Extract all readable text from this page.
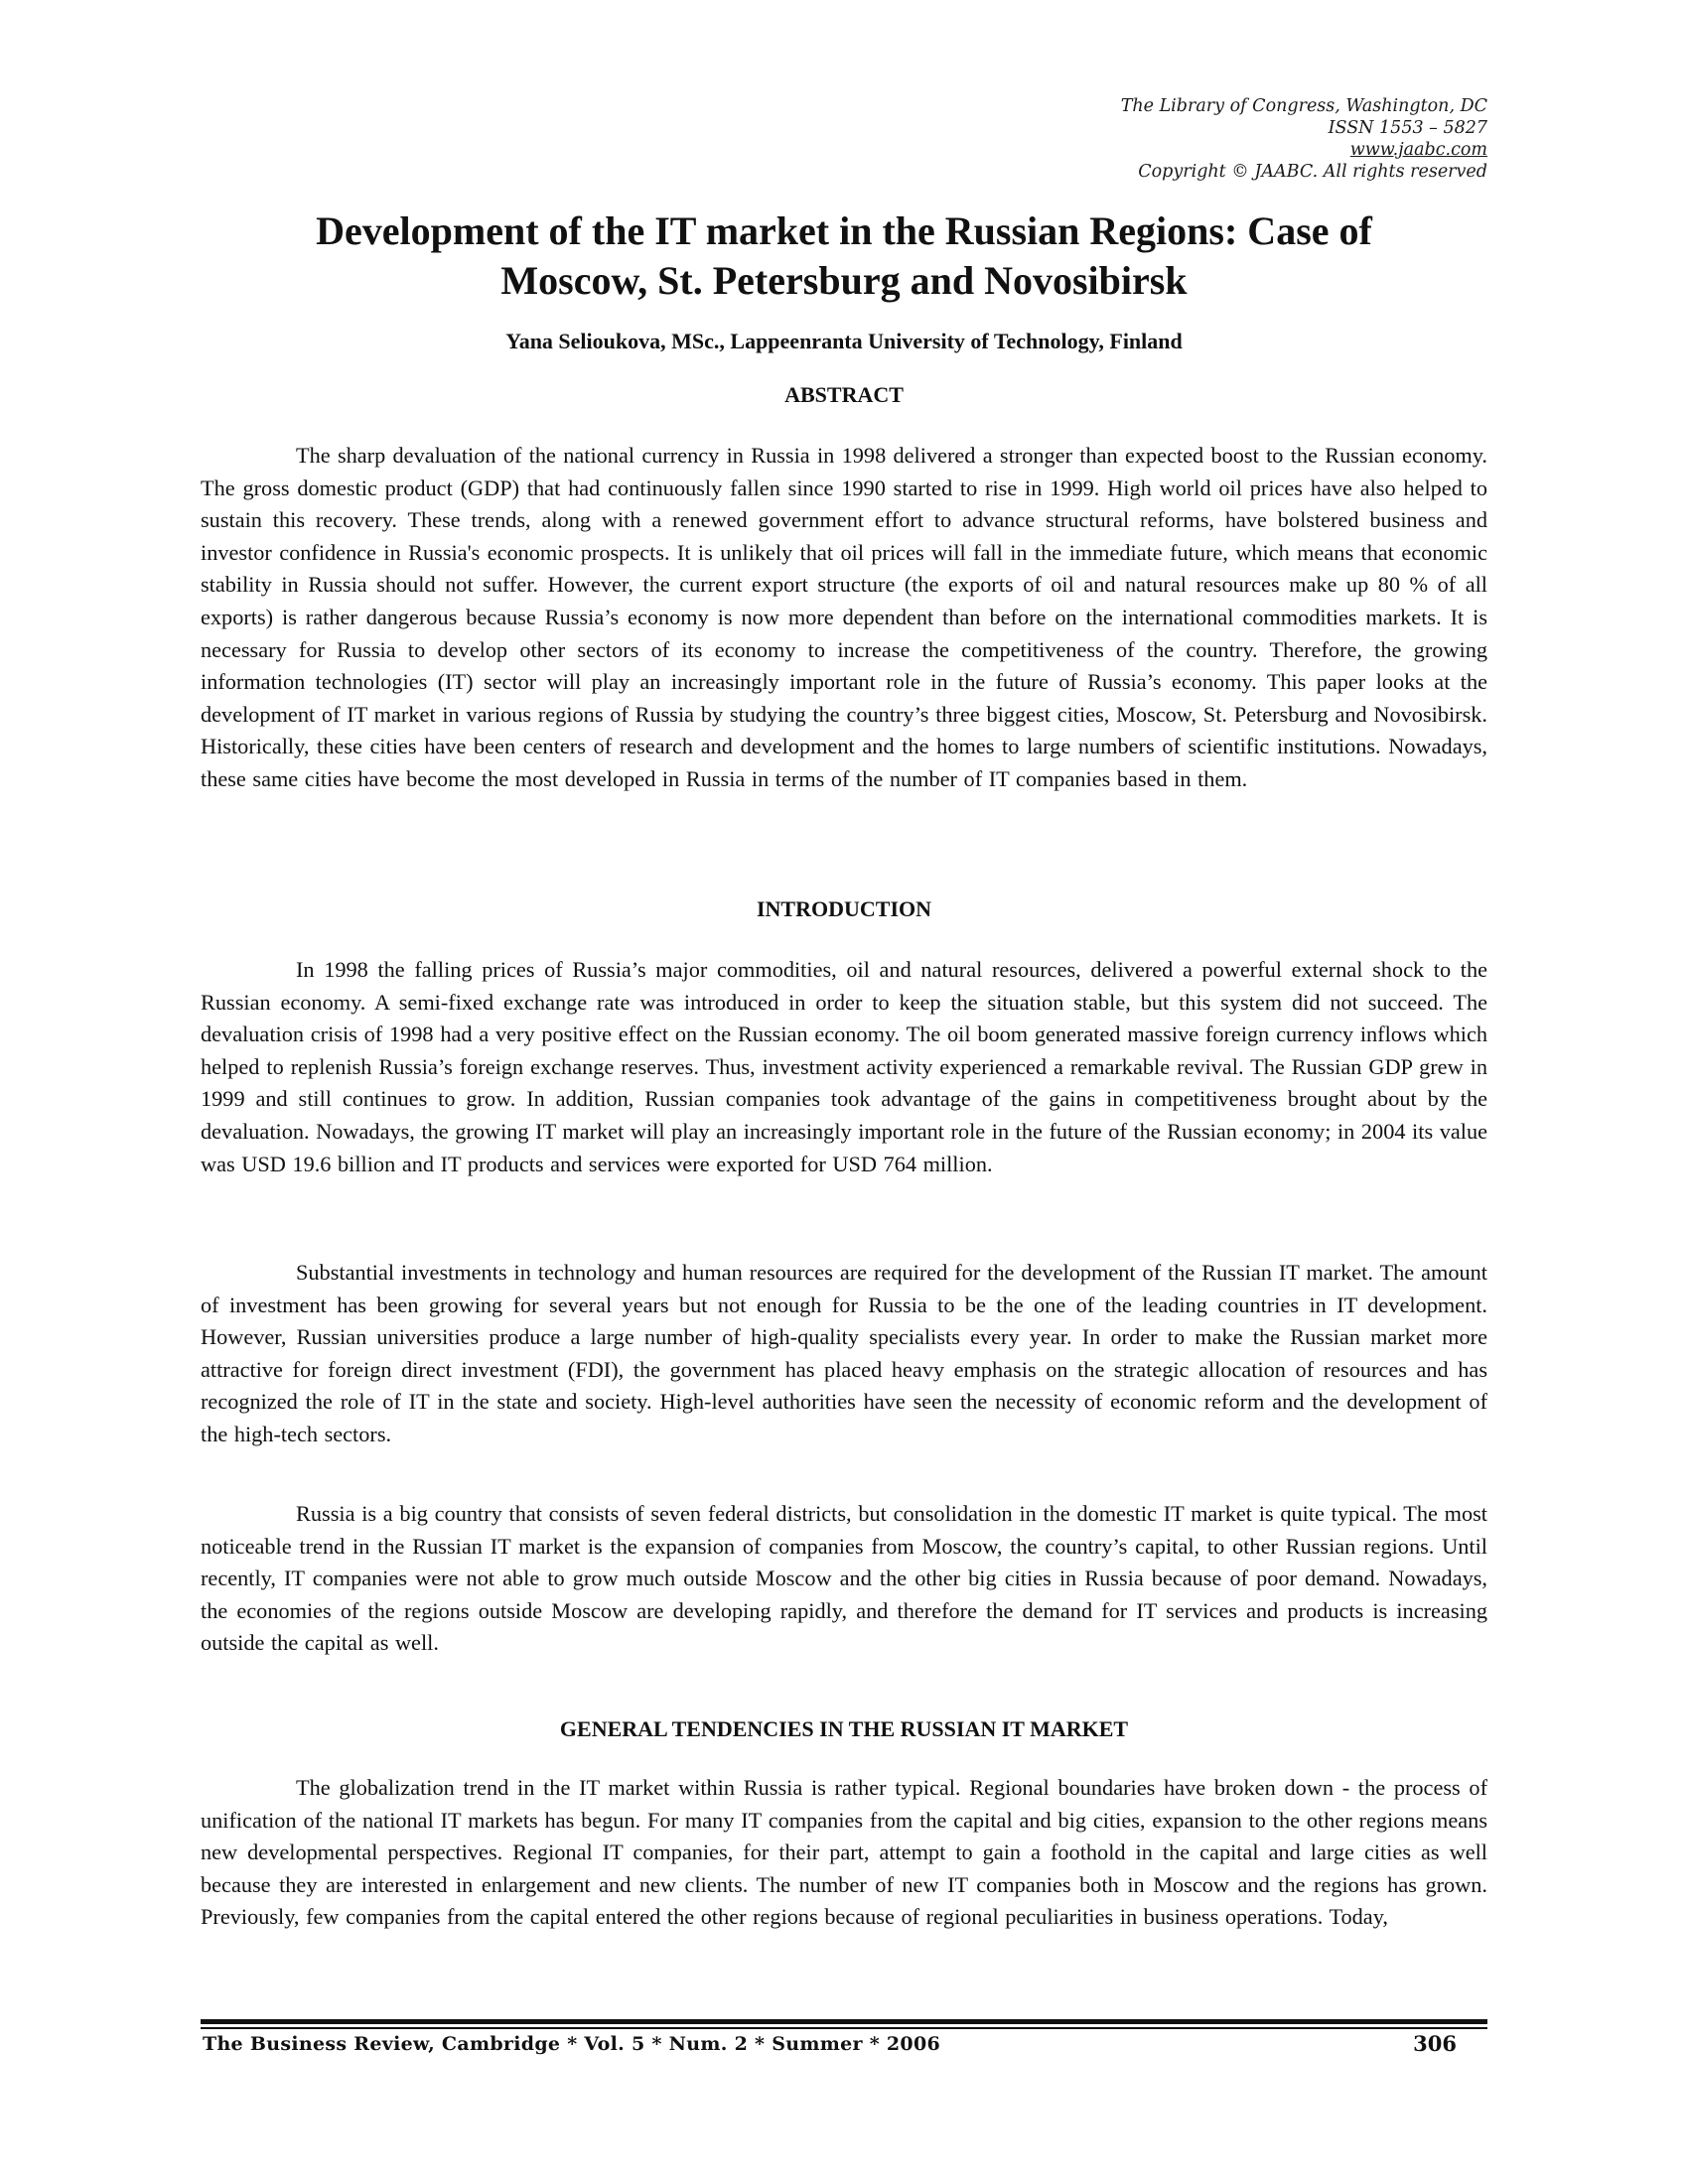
The Library of Congress, Washington, DC
ISSN 1553 – 5827
www.jaabc.com
Copyright © JAABC. All rights reserved
Development of the IT market in the Russian Regions: Case of
Moscow, St. Petersburg and Novosibirsk

Yana Selioukova, MSc., Lappeenranta University of Technology, Finland

ABSTRACT

The sharp devaluation of the national currency in Russia in 1998 delivered a stronger than expected boost to the Russian economy. The gross domestic product (GDP) that had continuously fallen since 1990 started to rise in 1999. High world oil prices have also helped to sustain this recovery. These trends, along with a renewed government effort to advance structural reforms, have bolstered business and investor confidence in Russia's economic prospects. It is unlikely that oil prices will fall in the immediate future, which means that economic stability in Russia should not suffer. However, the current export structure (the exports of oil and natural resources make up 80 % of all exports) is rather dangerous because Russia’s economy is now more dependent than before on the international commodities markets. It is necessary for Russia to develop other sectors of its economy to increase the competitiveness of the country. Therefore, the growing information technologies (IT) sector will play an increasingly important role in the future of Russia’s economy. This paper looks at the development of IT market in various regions of Russia by studying the country’s three biggest cities, Moscow, St. Petersburg and Novosibirsk. Historically, these cities have been centers of research and development and the homes to large numbers of scientific institutions. Nowadays, these same cities have become the most developed in Russia in terms of the number of IT companies based in them.

INTRODUCTION

In 1998 the falling prices of Russia’s major commodities, oil and natural resources, delivered a powerful external shock to the Russian economy. A semi-fixed exchange rate was introduced in order to keep the situation stable, but this system did not succeed. The devaluation crisis of 1998 had a very positive effect on the Russian economy. The oil boom generated massive foreign currency inflows which helped to replenish Russia’s foreign exchange reserves. Thus, investment activity experienced a remarkable revival. The Russian GDP grew in 1999 and still continues to grow. In addition, Russian companies took advantage of the gains in competitiveness brought about by the devaluation. Nowadays, the growing IT market will play an increasingly important role in the future of the Russian economy; in 2004 its value was USD 19.6 billion and IT products and services were exported for USD 764 million.

Substantial investments in technology and human resources are required for the development of the Russian IT market. The amount of investment has been growing for several years but not enough for Russia to be the one of the leading countries in IT development. However, Russian universities produce a large number of high-quality specialists every year. In order to make the Russian market more attractive for foreign direct investment (FDI), the government has placed heavy emphasis on the strategic allocation of resources and has recognized the role of IT in the state and society. High-level authorities have seen the necessity of economic reform and the development of the high-tech sectors.

Russia is a big country that consists of seven federal districts, but consolidation in the domestic IT market is quite typical. The most noticeable trend in the Russian IT market is the expansion of companies from Moscow, the country’s capital, to other Russian regions. Until recently, IT companies were not able to grow much outside Moscow and the other big cities in Russia because of poor demand. Nowadays, the economies of the regions outside Moscow are developing rapidly, and therefore the demand for IT services and products is increasing outside the capital as well.

GENERAL TENDENCIES IN THE RUSSIAN IT MARKET

The globalization trend in the IT market within Russia is rather typical. Regional boundaries have broken down - the process of unification of the national IT markets has begun. For many IT companies from the capital and big cities, expansion to the other regions means new developmental perspectives. Regional IT companies, for their part, attempt to gain a foothold in the capital and large cities as well because they are interested in enlargement and new clients. The number of new IT companies both in Moscow and the regions has grown. Previously, few companies from the capital entered the other regions because of regional peculiarities in business operations. Today,

The Business Review, Cambridge * Vol. 5 * Num. 2 * Summer * 2006	306
